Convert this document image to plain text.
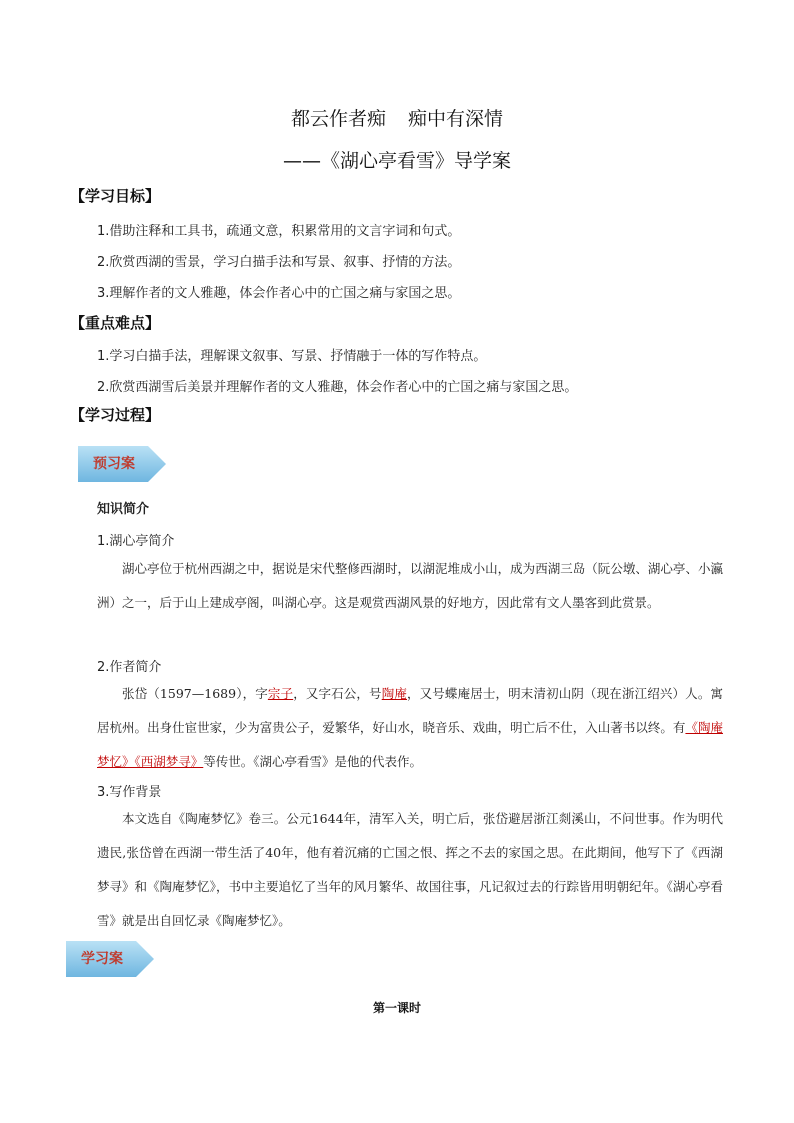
都云作者痴 痴中有深情
——《湖心亭看雪》导学案
【学习目标】
1.借助注释和工具书，疏通文意，积累常用的文言字词和句式。
2.欣赏西湖的雪景，学习白描手法和写景、叙事、抒情的方法。
3.理解作者的文人雅趣，体会作者心中的亡国之痛与家国之思。
【重点难点】
1.学习白描手法，理解课文叙事、写景、抒情融于一体的写作特点。
2.欣赏西湖雪后美景并理解作者的文人雅趣，体会作者心中的亡国之痛与家国之思。
【学习过程】
预习案
知识简介
1.湖心亭简介
湖心亭位于杭州西湖之中，据说是宋代整修西湖时，以湖泥堆成小山，成为西湖三岛（阮公墩、湖心亭、小瀛洲）之一，后于山上建成亭阁，叫湖心亭。这是观赏西湖风景的好地方，因此常有文人墨客到此赏景。
2.作者简介
张岱（1597—1689），字宗子，又字石公，号陶庵，又号蝶庵居士，明末清初山阴（现在浙江绍兴）人。寓居杭州。出身仕宦世家，少为富贵公子，爱繁华，好山水，晓音乐、戏曲，明亡后不仕，入山著书以终。有《陶庵梦忆》《西湖梦寻》等传世。《湖心亭看雪》是他的代表作。
3.写作背景
本文选自《陶庵梦忆》卷三。公元1644年，清军入关，明亡后，张岱避居浙江剡溪山，不问世事。作为明代遗民,张岱曾在西湖一带生活了40年，他有着沉痛的亡国之恨、挥之不去的家国之思。在此期间，他写下了《西湖梦寻》和《陶庵梦忆》，书中主要追忆了当年的风月繁华、故国往事，凡记叙过去的行踪皆用明朝纪年。《湖心亭看雪》就是出自回忆录《陶庵梦忆》。
学习案
第一课时
